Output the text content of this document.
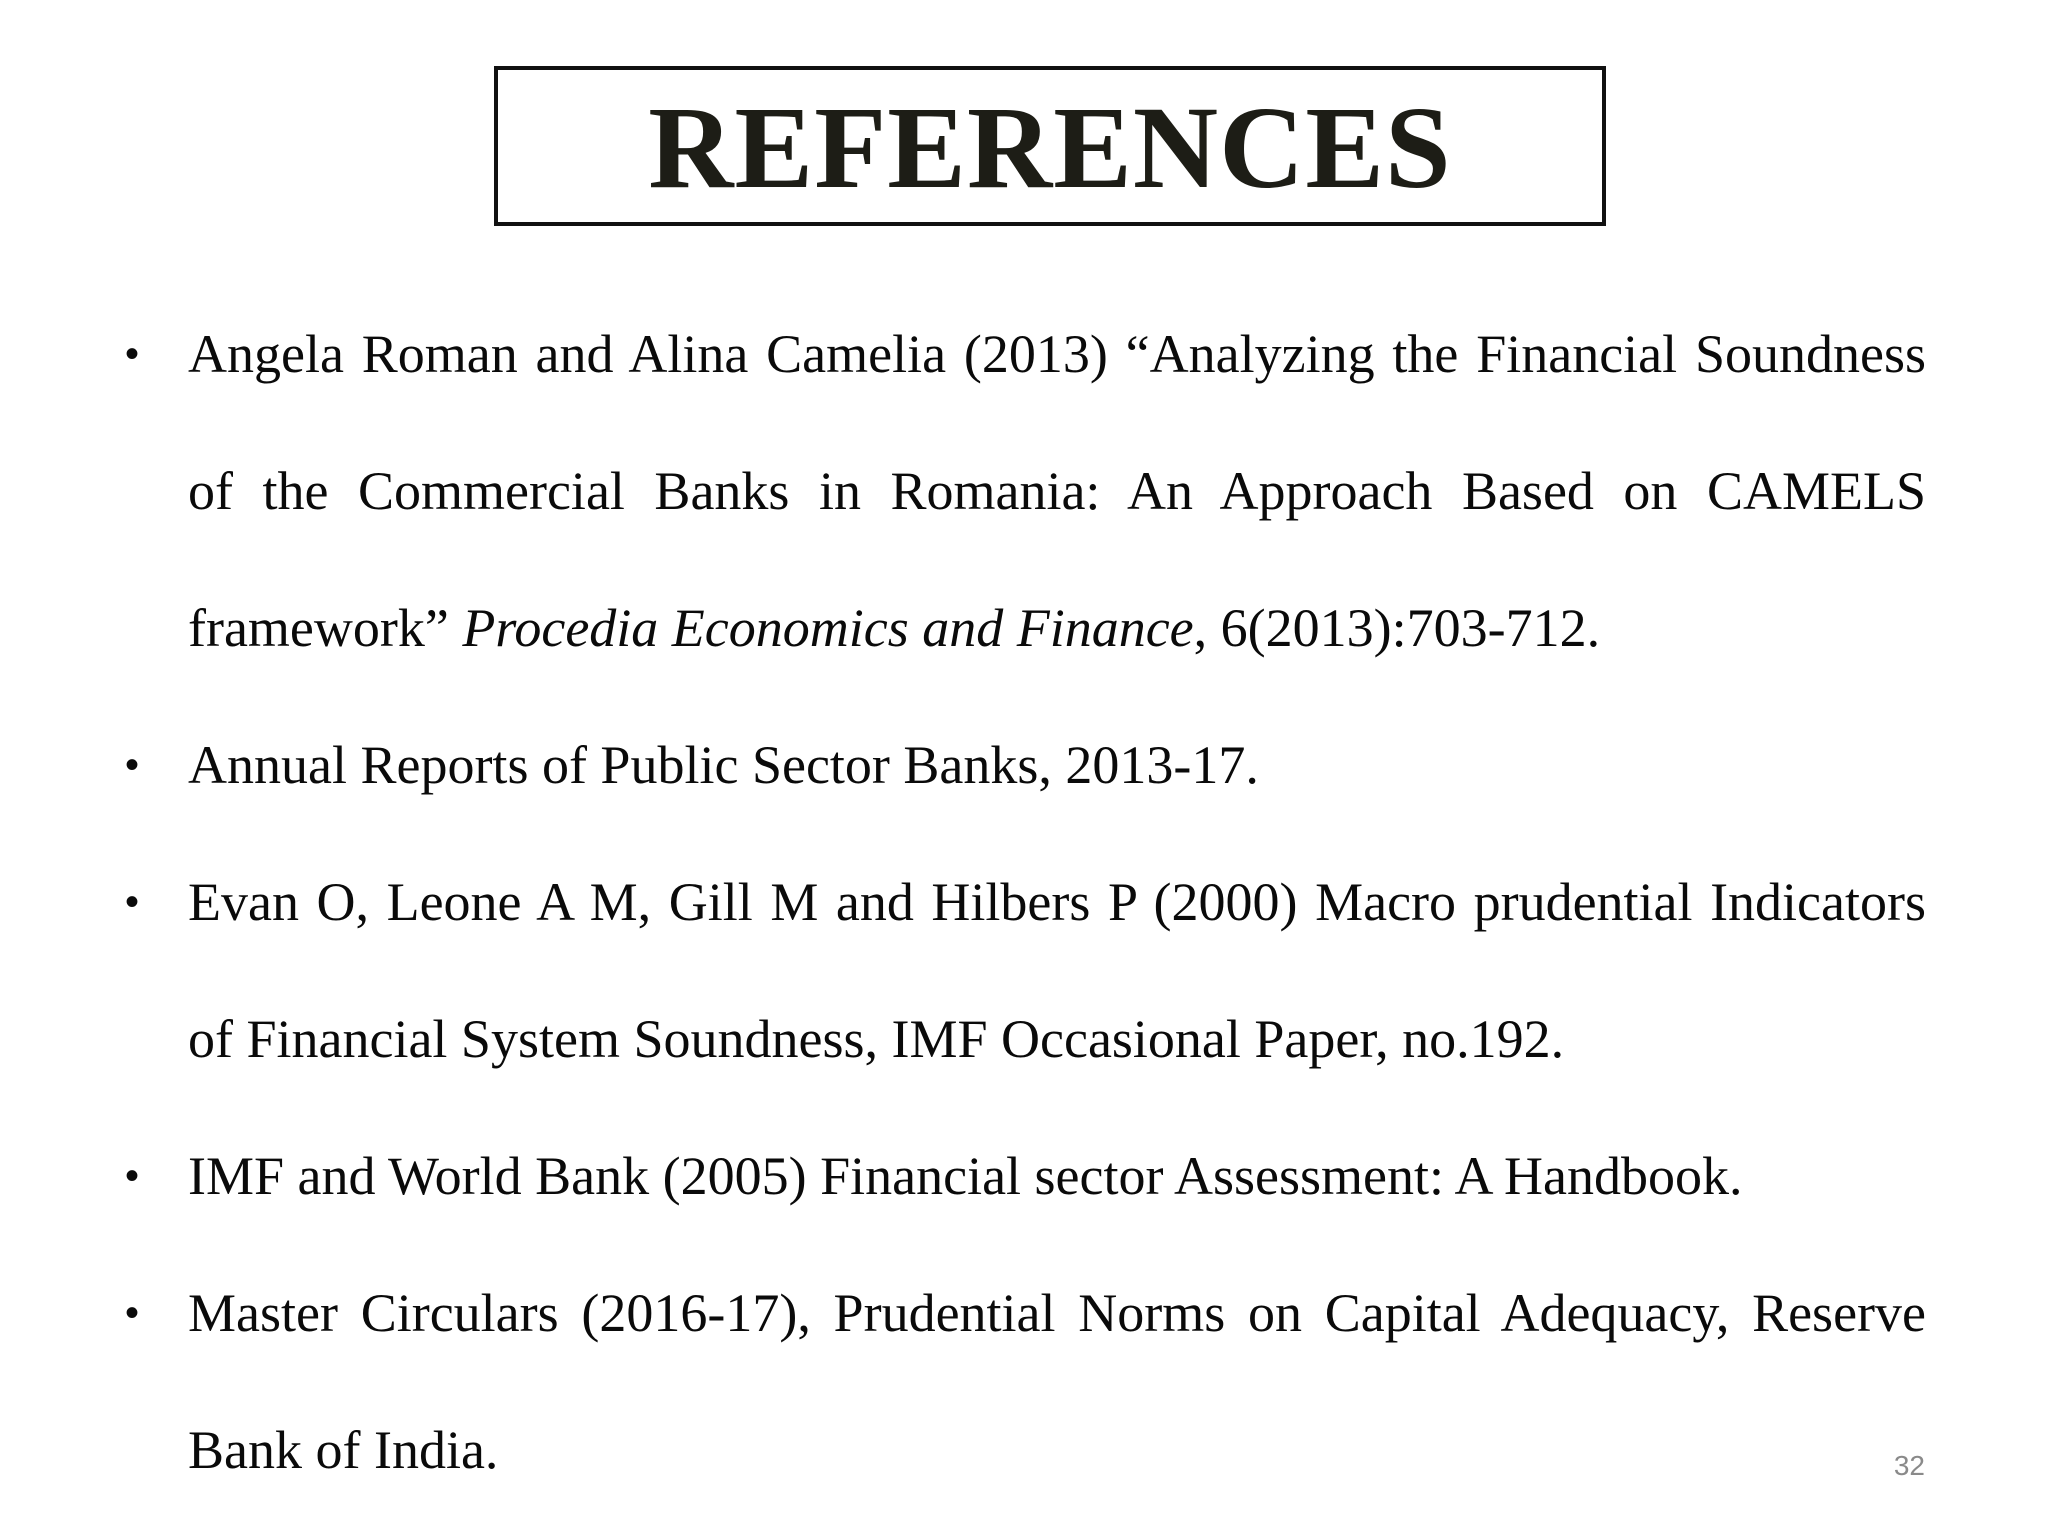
REFERENCES
• Angela Roman and Alina Camelia (2013) “Analyzing the Financial Soundness of the Commercial Banks in Romania: An Approach Based on CAMELS framework” Procedia Economics and Finance, 6(2013):703-712.
• Annual Reports of Public Sector Banks, 2013-17.
• Evan O, Leone A M, Gill M and Hilbers P (2000) Macro prudential Indicators of Financial System Soundness, IMF Occasional Paper, no.192.
• IMF and World Bank (2005) Financial sector Assessment: A Handbook.
• Master Circulars (2016-17), Prudential Norms on Capital Adequacy, Reserve Bank of India.	32
